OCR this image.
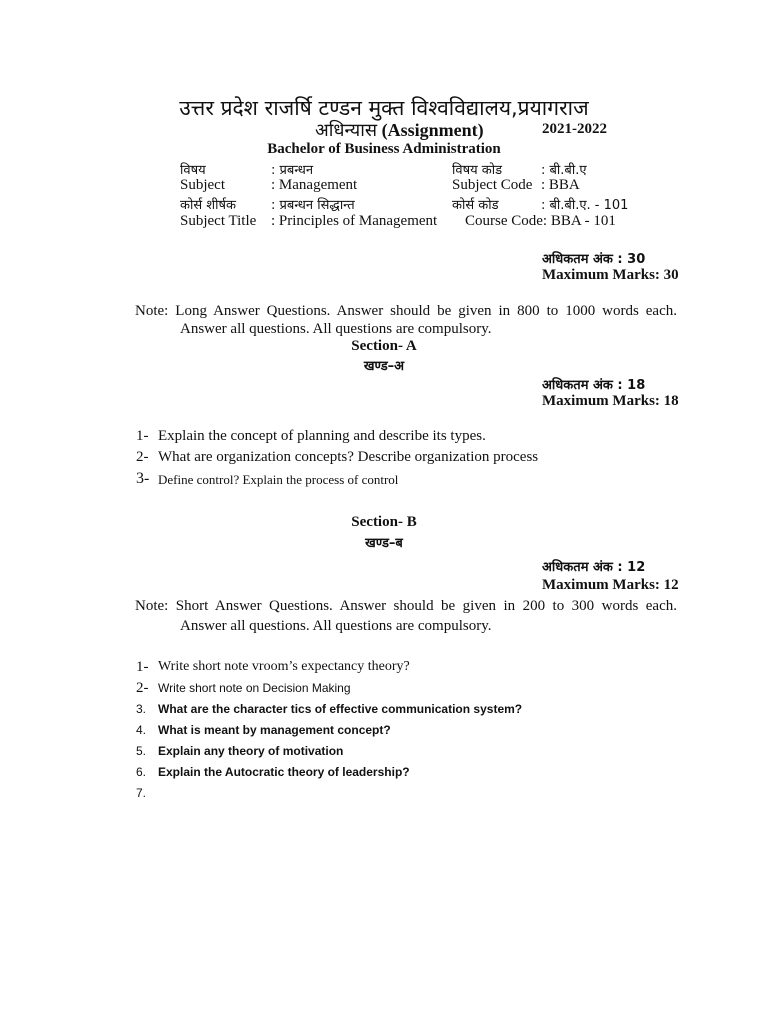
उत्तर प्रदेश राजर्षि टण्डन मुक्त विश्वविद्यालय,प्रयागराज
अधिन्यास (Assignment)	2021-2022
Bachelor of Business Administration
विषय	: प्रबन्धन	विषय कोड	: बी.बी.ए
Subject	: Management	Subject Code : BBA
कोर्स शीर्षक	: प्रबन्धन सिद्धान्त	कोर्स कोड	: बी.बी.ए. - 101
Subject Title : Principles of Management Course Code: BBA - 101
अधिकतम अंक : 30
Maximum Marks: 30
Note: Long Answer Questions. Answer should be given in 800 to 1000 words each.
Answer all questions. All questions are compulsory.
Section- A
खण्ड–अ
अधिकतम अंक : 18
Maximum Marks: 18
1- Explain the concept of planning and describe its types.
2- What are organization concepts? Describe organization process
3- Define control? Explain the process of control
Section- B
खण्ड–ब
अधिकतम अंक : 12
Maximum Marks: 12
Note: Short Answer Questions. Answer should be given in 200 to 300 words each.
Answer all questions. All questions are compulsory.
1- Write short note vroom’s expectancy theory?
2- Write short note on Decision Making
3. What are the character tics of effective communication system?
4. What is meant by management concept?
5. Explain any theory of motivation
6. Explain the Autocratic theory of leadership?
7.
